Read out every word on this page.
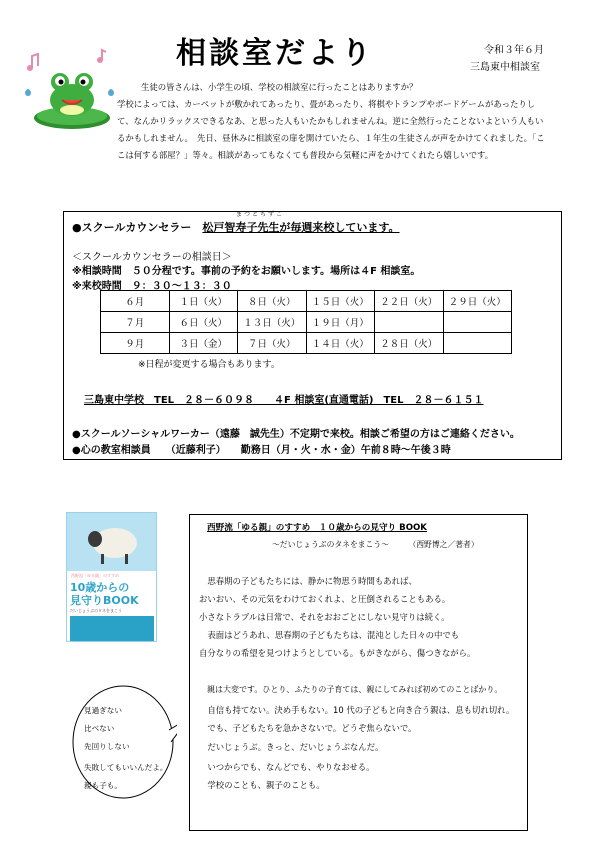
相談室だより	令和３年６月
三島東中相談室

生徒の皆さんは、小学生の頃、学校の相談室に行ったことはありますか？

学校によっては、カーペットが敷かれてあったり、畳があったり、将棋やトランプやボードゲームがあったりして、なんかリラックスできるなあ、と思った人もいたかもしれませんね。逆に全然行ったことないよという人もいるかもしれません。　先日、昼休みに相談室の扉を開けていたら、１年生の生徒さんが声をかけてくれました。「ここは何する部屋？」等々。相談があってもなくても普段から気軽に声をかけてくれたら嬉しいです。

まつとちずこ
●スクールカウンセラー　松戸智寿子先生が毎週来校しています。
＜スクールカウンセラーの相談日＞
※相談時間　５０分程です。事前の予約をお願いします。場所は４F 相談室。
※来校時間　９：３０～１３：３０
６月	１日（火）	８日（火）	１５日（火）	２２日（火）	２９日（火）
７月	６日（火）	１３日（火）	１９日（月）		
９月	３日（金）	７日（火）	１４日（火）	２８日（火）	
※日程が変更する場合もあります。
三島東中学校　TEL　２８－６０９８　　４F 相談室(直通電話)　TEL　２８－６１５１
●スクールソーシャルワーカー（遠藤　誠先生）不定期で来校。相談ご希望の方はご連絡ください。
●心の教室相談員　　（近藤利子）　　勤務日（月・火・水・金）午前８時～午後３時
西野流「ゆる親」のすすめ
10歳からの
見守りBOOK
だいじょうぶのタネをまこう
西野流「ゆる親」のすすめ　１０歳からの見守り BOOK
～だいじょうぶのタネをまこう～　　　（西野博之／著者）
　思春期の子どもたちには、静かに物思う時間もあれば、
おいおい、その元気をわけておくれよ、と圧倒されることもある。
小さなトラブルは日常で、それをおおごとにしない見守りは続く。
　表面はどうあれ、思春期の子どもたちは、混沌とした日々の中でも
自分なりの希望を見つけようとしている。もがきながら、傷つきながら。
　親は大変です。ひとり、ふたりの子育ては、親にしてみれば初めてのことばかり。
　自信も持てない。決め手もない。10 代の子どもと向き合う親は、息も切れ切れ。
　でも、子どもたちを急かさないで。どうぞ焦らないで。
　だいじょうぶ。きっと、だいじょうぶなんだ。
　いつからでも、なんどでも、やりなおせる。
　学校のことも、親子のことも。
見過ぎない
比べない
先回りしない
失敗してもいいんだよ。親も子も。
